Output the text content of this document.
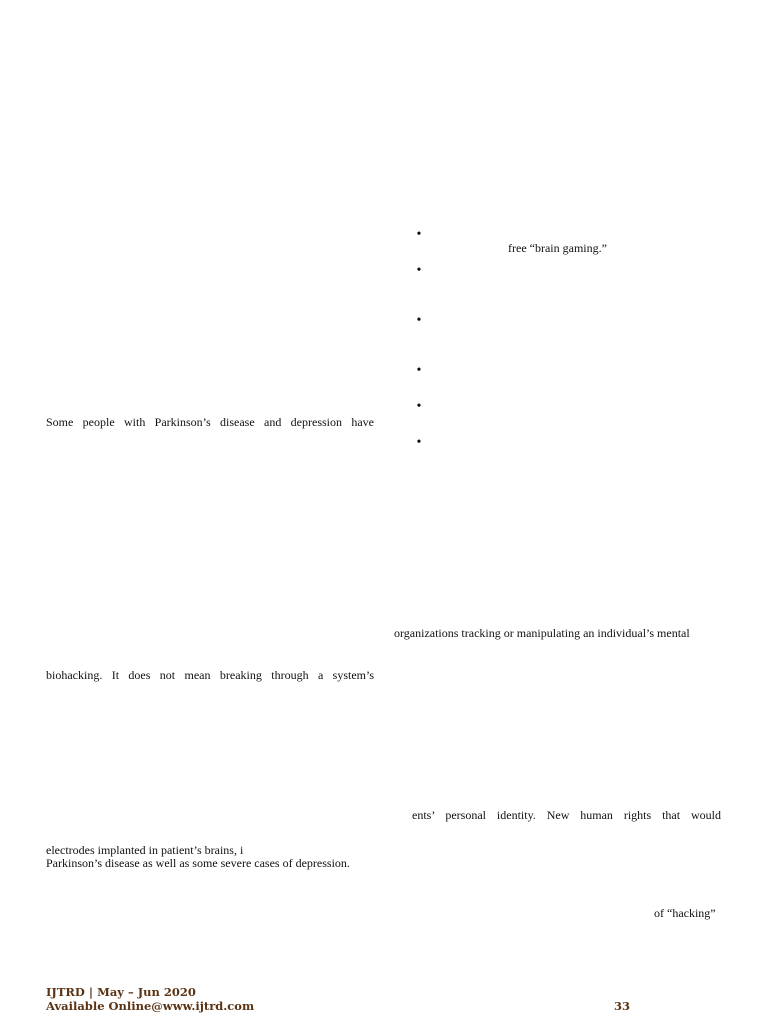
•
•
•
•
•
•
free “brain gaming.”
organizations tracking or manipulating an individual’s mental
ents’ personal identity. New human rights that would
of “hacking”
Some people with Parkinson’s disease and depression have
biohacking. It does not mean breaking through a system’s
electrodes implanted in patient’s brains, i
Parkinson’s disease as well as some severe cases of depression.
IJTRD | May – Jun 2020
Available Online@www.ijtrd.com	33
